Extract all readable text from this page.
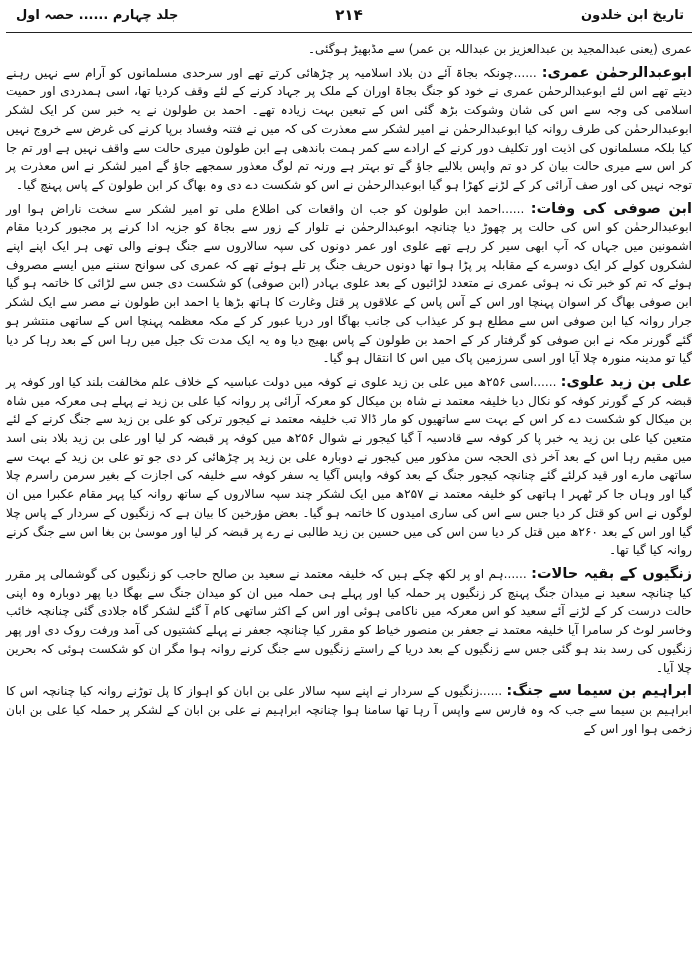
تاریخ ابن خلدون
۲۱۴
جلد چہارم ...... حصہ اول

عمری (یعنی عبدالمجید بن عبدالعزیز بن عبداللہ بن عمر) سے مڈبھیڑ ہوگئی۔

ابوعبدالرحمٰن عمری: ......چونکہ بجاۃ آئے دن بلاد اسلامیہ پر چڑھائی کرتے تھے اور سرحدی مسلمانوں کو آرام سے نہیں رہنے دیتے تھے اس لئے ابوعبدالرحمٰن عمری نے خود کو جنگ بجاۃ اوران کے ملک پر جہاد کرنے کے لئے وقف کردیا تھا، اسی ہمدردی اور حمیت اسلامی کی وجہ سے اس کی شان وشوکت بڑھ گئی اس کے تبعین بہت زیادہ تھے۔ احمد بن طولون نے یہ خبر سن کر ایک لشکر ابوعبدالرحمٰن کی طرف روانہ کیا ابوعبدالرحمٰن نے امیر لشکر سے معذرت کی کہ میں نے فتنہ وفساد برپا کرنے کی غرض سے خروج نہیں کیا بلکہ مسلمانوں کی اذیت اور تکلیف دور کرنے کے ارادے سے کمر ہمت باندھی ہے ابن طولون میری حالت سے واقف نہیں ہے اور تم جا کر اس سے میری حالت بیان کر دو تم واپس بلالیے جاؤ گے تو بہتر ہے ورنہ تم لوگ معذور سمجھے جاؤ گے امیر لشکر نے اس معذرت پر توجہ نہیں کی اور صف آرائی کر کے لڑنے کھڑا ہو گیا ابوعبدالرحمٰن نے اس کو شکست دے دی وہ بھاگ کر ابن طولون کے پاس پہنچ گیا۔

ابن صوفی کی وفات: ......احمد ابن طولون کو جب ان واقعات کی اطلاع ملی تو امیر لشکر سے سخت ناراض ہوا اور ابوعبدالرحمٰن کو اس کی حالت پر چھوڑ دیا چنانچہ ابوعبدالرحمٰن نے تلوار کے زور سے بجاۃ کو جزیہ ادا کرنے پر مجبور کردیا مقام اشمونین میں جہاں کہ آپ ابھی سیر کر رہے تھے علوی اور عمر دونوں کی سپہ سالاروں سے جنگ ہونے والی تھی ہر ایک اپنے اپنے لشکروں کولے کر ایک دوسرے کے مقابلہ پر پڑا ہوا تھا دونوں حریف جنگ پر تلے ہوئے تھے کہ عمری کی سوانح سننے میں ایسے مصروف ہوئے کہ تم کو خبر تک نہ ہوئی عمری نے متعدد لڑائیوں کے بعد علوی بہادر (ابن صوفی) کو شکست دی جس سے لڑائی کا خاتمہ ہو گیا ابن صوفی بھاگ کر اسوان پہنچا اور اس کے آس پاس کے علاقوں پر قتل وغارت کا ہاتھ بڑھا یا احمد ابن طولون نے مصر سے ایک لشکر جرار روانہ کیا ابن صوفی اس سے مطلع ہو کر عیذاب کی جانب بھاگا اور دریا عبور کر کے مکہ معظمہ پہنچا اس کے ساتھی منتشر ہو گئے گورنر مکہ نے ابن صوفی کو گرفتار کر کے احمد بن طولون کے پاس بھیج دیا وہ یہ ایک مدت تک جیل میں رہا اس کے بعد رہا کر دیا گیا تو مدینہ منورہ چلا آیا اور اسی سرزمین پاک میں اس کا انتقال ہو گیا۔

علی بن زید علوی: ......اسی ۲۵۶ھ میں علی بن زید علوی نے کوفہ میں دولت عباسیہ کے خلاف علم مخالفت بلند کیا اور کوفہ پر قبضہ کر کے گورنر کوفہ کو نکال دیا خلیفہ معتمد نے شاہ بن میکال کو معرکہ آرائی پر روانہ کیا علی بن زید نے پہلے ہی معرکہ میں شاہ بن میکال کو شکست دے کر اس کے بہت سے ساتھیوں کو مار ڈالا تب خلیفہ معتمد نے کیجور ترکی کو علی بن زید سے جنگ کرنے کے لئے متعین کیا علی بن زید یہ خبر پا کر کوفہ سے قادسیہ آ گیا کیجور نے شوال ۲۵۶ھ میں کوفہ پر قبضہ کر لیا اور علی بن زید بلاد بنی اسد میں مقیم رہا اس کے بعد آخر ذی الحجہ سن مذکور میں کیجور نے دوبارہ علی بن زید پر چڑھائی کر دی جو تو علی بن زید کے بہت سے ساتھی مارے اور قید کرلئے گئے چنانچہ کیجور جنگ کے بعد کوفہ واپس آگیا یہ سفر کوفہ سے خلیفہ کی اجازت کے بغیر سرمن راسرم چلا گیا اور وہاں جا کر ٹھہر ا ہاتھی کو خلیفہ معتمد نے ۲۵۷ھ میں ایک لشکر چند سپہ سالاروں کے ساتھ روانہ کیا پہر مقام عکبرا میں ان لوگوں نے اس کو قتل کر دیا جس سے اس کی ساری امیدوں کا خاتمہ ہو گیا۔ بعض مؤرخین کا بیان ہے کہ زنگیوں کے سردار کے پاس چلا گیا اور اس کے بعد ۲۶۰ھ میں قتل کر دیا سن اس کی میں حسین بن زید طالبی نے رے پر قبضہ کر لیا اور موسیٰ بن بغا اس سے جنگ کرنے روانہ کیا گیا تھا۔

زنگیوں کے بقیہ حالات: ......ہم او پر لکھ چکے ہیں کہ خلیفہ معتمد نے سعید بن صالح حاجب کو زنگیوں کی گوشمالی پر مقرر کیا چنانچہ سعید نے میدان جنگ پہنچ کر زنگیوں پر حملہ کیا اور پہلے ہی حملہ میں ان کو میدان جنگ سے بھگا دیا پھر دوبارہ وہ اپنی حالت درست کر کے لڑنے آئے سعید کو اس معرکہ میں ناکامی ہوئی اور اس کے اکثر ساتھی کام آ گئے لشکر گاہ جلادی گئی چنانچہ خائب وخاسر لوٹ کر سامرا آیا خلیفہ معتمد نے جعفر بن منصور خیاط کو مقرر کیا چنانچہ جعفر نے پہلے کشتیوں کی آمد ورفت روک دی اور پھر زنگیوں کی رسد بند ہو گئی جس سے زنگیوں کے بعد دریا کے راستے زنگیوں سے جنگ کرنے روانہ ہوا مگر ان کو شکست ہوئی کہ بحرین چلا آیا۔

ابراہیم بن سیما سے جنگ: ......زنگیوں کے سردار نے اپنے سپہ سالار علی بن ابان کو اہواز کا پل توڑنے روانہ کیا چنانچہ اس کا ابراہیم بن سیما سے جب کہ وہ فارس سے واپس آ رہا تھا سامنا ہوا چنانچہ ابراہیم نے علی بن ابان کے لشکر پر حملہ کیا علی بن ابان زخمی ہوا اور اس کے
